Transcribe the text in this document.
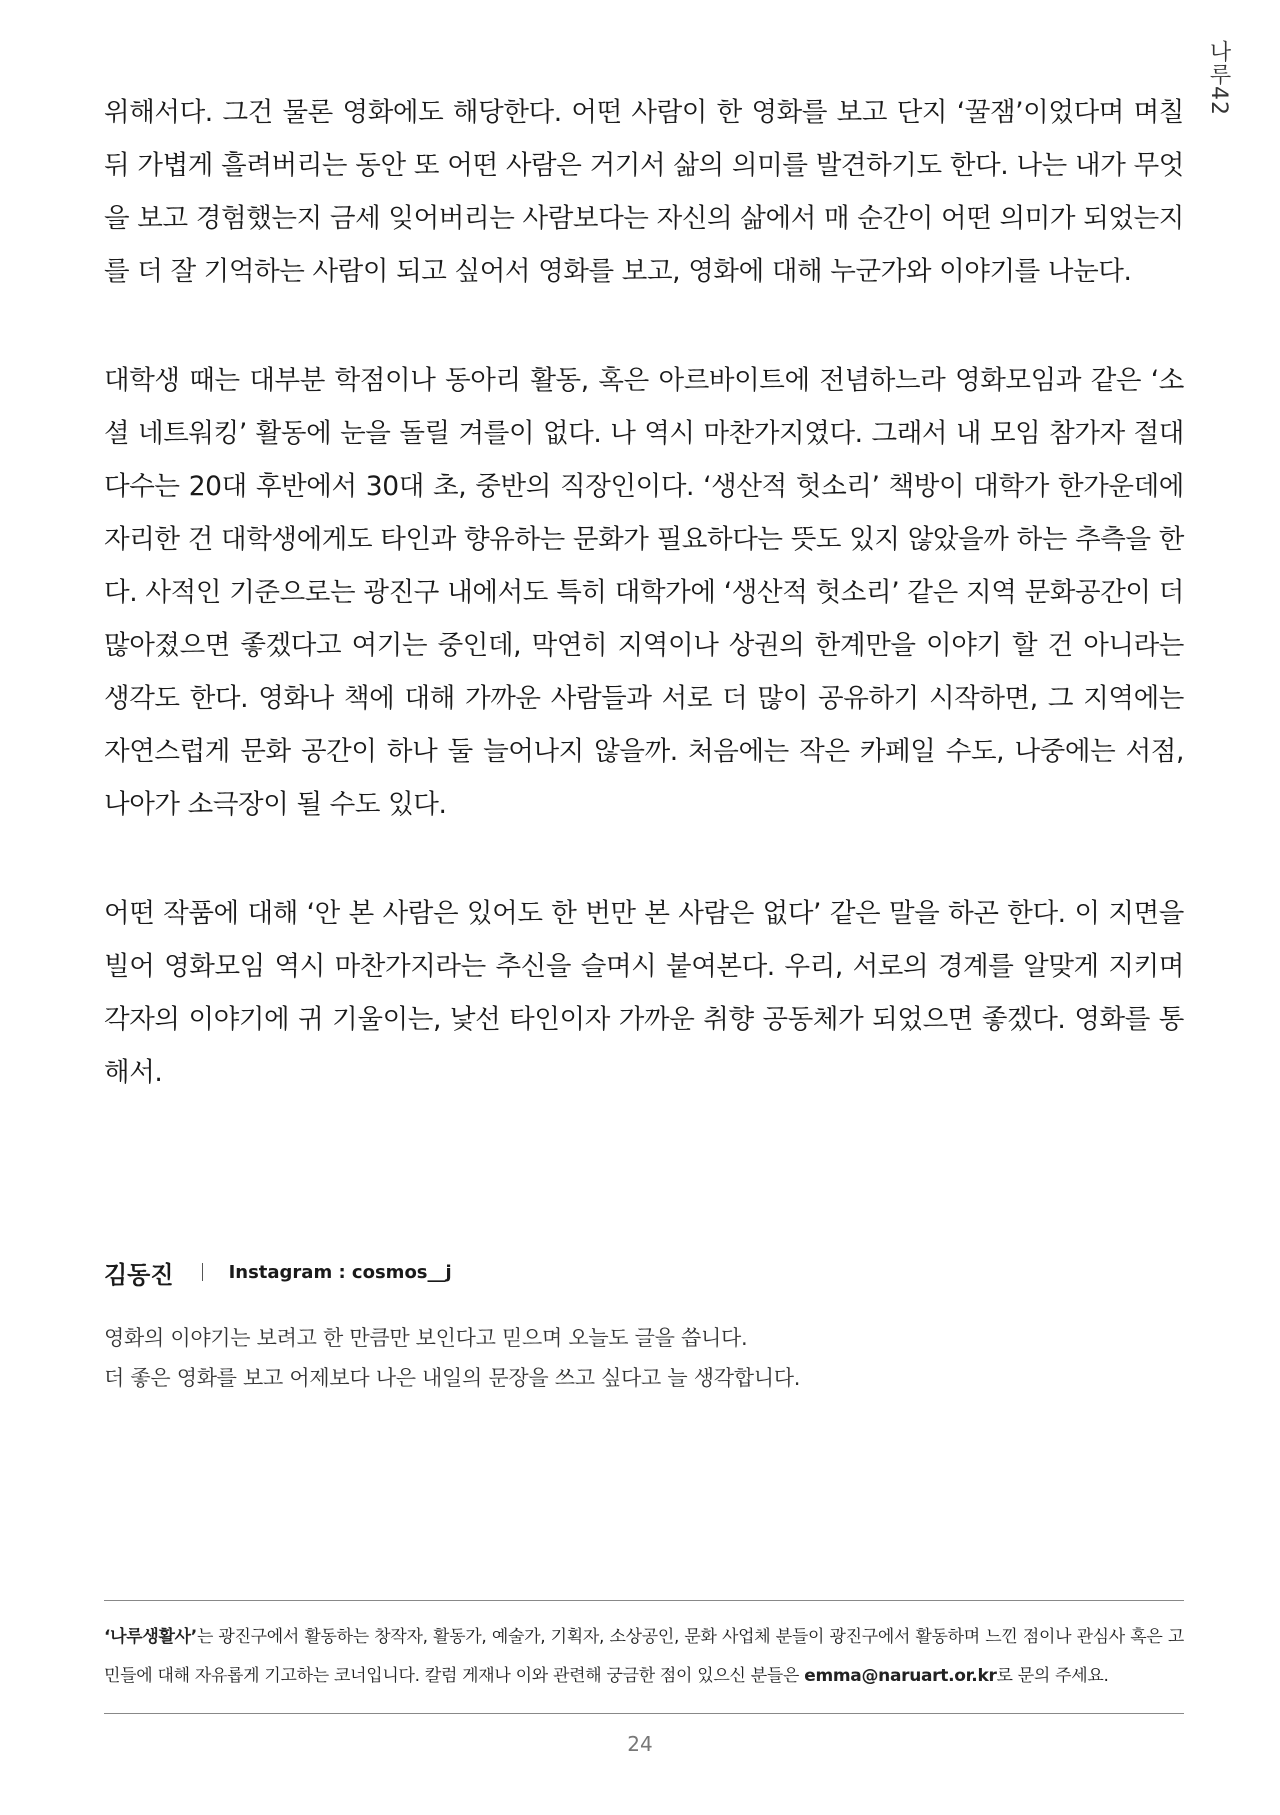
나루42

위해서다. 그건 물론 영화에도 해당한다. 어떤 사람이 한 영화를 보고 단지 ‘꿀잼’이었다며 며칠 뒤 가볍게 흘려버리는 동안 또 어떤 사람은 거기서 삶의 의미를 발견하기도 한다. 나는 내가 무엇을 보고 경험했는지 금세 잊어버리는 사람보다는 자신의 삶에서 매 순간이 어떤 의미가 되었는지를 더 잘 기억하는 사람이 되고 싶어서 영화를 보고, 영화에 대해 누군가와 이야기를 나눈다.

대학생 때는 대부분 학점이나 동아리 활동, 혹은 아르바이트에 전념하느라 영화모임과 같은 ‘소셜 네트워킹’ 활동에 눈을 돌릴 겨를이 없다. 나 역시 마찬가지였다. 그래서 내 모임 참가자 절대다수는 20대 후반에서 30대 초, 중반의 직장인이다. ‘생산적 헛소리’ 책방이 대학가 한가운데에 자리한 건 대학생에게도 타인과 향유하는 문화가 필요하다는 뜻도 있지 않았을까 하는 추측을 한다. 사적인 기준으로는 광진구 내에서도 특히 대학가에 ‘생산적 헛소리’ 같은 지역 문화공간이 더 많아졌으면 좋겠다고 여기는 중인데, 막연히 지역이나 상권의 한계만을 이야기 할 건 아니라는 생각도 한다. 영화나 책에 대해 가까운 사람들과 서로 더 많이 공유하기 시작하면, 그 지역에는 자연스럽게 문화 공간이 하나 둘 늘어나지 않을까. 처음에는 작은 카페일 수도, 나중에는 서점, 나아가 소극장이 될 수도 있다.

어떤 작품에 대해 ‘안 본 사람은 있어도 한 번만 본 사람은 없다’ 같은 말을 하곤 한다. 이 지면을 빌어 영화모임 역시 마찬가지라는 추신을 슬며시 붙여본다. 우리, 서로의 경계를 알맞게 지키며 각자의 이야기에 귀 기울이는, 낯선 타인이자 가까운 취향 공동체가 되었으면 좋겠다. 영화를 통해서.

김동진	Instagram : cosmos__j
영화의 이야기는 보려고 한 만큼만 보인다고 믿으며 오늘도 글을 씁니다.
더 좋은 영화를 보고 어제보다 나은 내일의 문장을 쓰고 싶다고 늘 생각합니다.
‘나루생활사’는 광진구에서 활동하는 창작자, 활동가, 예술가, 기획자, 소상공인, 문화 사업체 분들이 광진구에서 활동하며 느낀 점이나 관심사 혹은 고민들에 대해 자유롭게 기고하는 코너입니다. 칼럼 게재나 이와 관련해 궁금한 점이 있으신 분들은 emma@naruart.or.kr로 문의 주세요.
24
